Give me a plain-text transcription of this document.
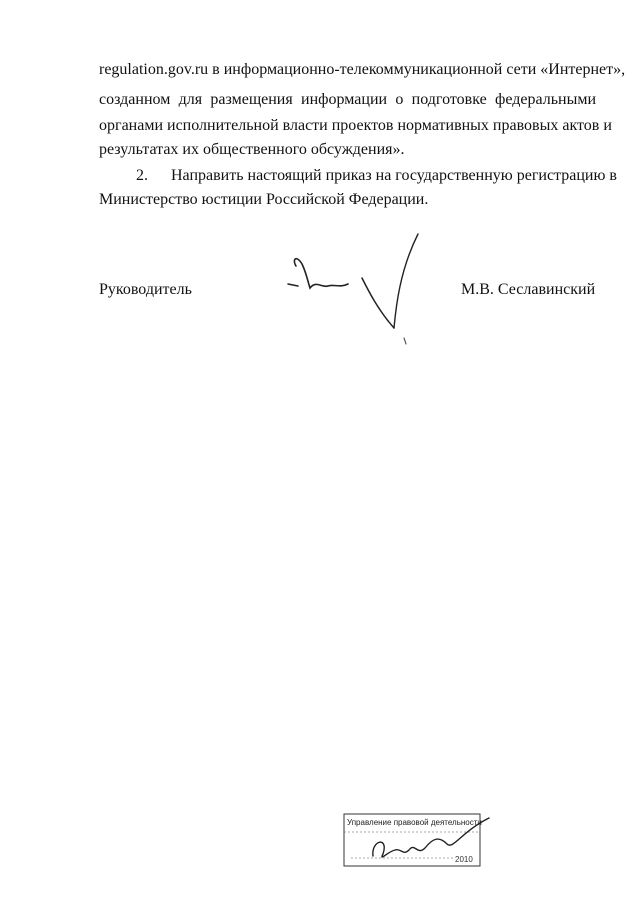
regulation.gov.ru в информационно-телекоммуникационной сети «Интернет»,
созданном для размещения информации о подготовке федеральными
органами исполнительной власти проектов нормативных правовых актов и
результатах их общественного обсуждения».
2. Направить настоящий приказ на государственную регистрацию в
Министерство юстиции Российской Федерации.
Руководитель	М.В. Сеславинский
Управление правовой деятельности
2010
